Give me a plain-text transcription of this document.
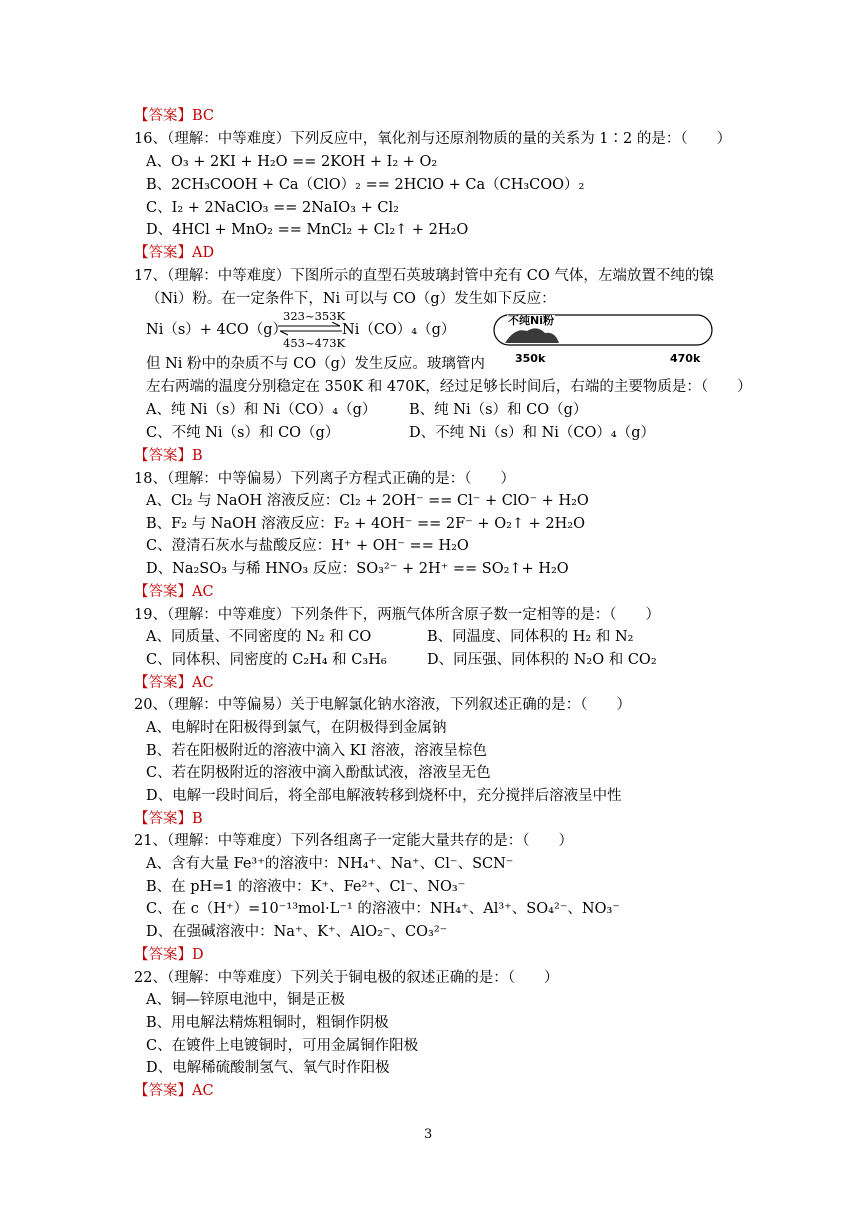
【答案】BC
16、（理解：中等难度）下列反应中，氧化剂与还原剂物质的量的关系为 1∶2 的是：（　　）
A、O₃ + 2KI + H₂O == 2KOH + I₂ + O₂
B、2CH₃COOH + Ca（ClO）₂ == 2HClO + Ca（CH₃COO）₂
C、I₂ + 2NaClO₃ == 2NaIO₃ + Cl₂
D、4HCl + MnO₂ == MnCl₂ + Cl₂↑ + 2H₂O
【答案】AD
17、（理解：中等难度）下图所示的直型石英玻璃封管中充有 CO 气体，左端放置不纯的镍
（Ni）粉。在一定条件下，Ni 可以与 CO（g）发生如下反应：
Ni（s）+ 4CO（g）
323~353K
453~473K
Ni（CO）₄（g）
不纯Ni粉
350k	470k
但 Ni 粉中的杂质不与 CO（g）发生反应。玻璃管内
左右两端的温度分别稳定在 350K 和 470K，经过足够长时间后，右端的主要物质是：（　　）
A、纯 Ni（s）和 Ni（CO）₄（g） B、纯 Ni（s）和 CO（g）
C、不纯 Ni（s）和 CO（g）	D、不纯 Ni（s）和 Ni（CO）₄（g）
【答案】B
18、（理解：中等偏易）下列离子方程式正确的是：（　　）
A、Cl₂ 与 NaOH 溶液反应：Cl₂ + 2OH⁻ == Cl⁻ + ClO⁻ + H₂O
B、F₂ 与 NaOH 溶液反应：F₂ + 4OH⁻ == 2F⁻ + O₂↑ + 2H₂O
C、澄清石灰水与盐酸反应：H⁺ + OH⁻ == H₂O
D、Na₂SO₃ 与稀 HNO₃ 反应：SO₃²⁻ + 2H⁺ == SO₂↑+ H₂O
【答案】AC
19、（理解：中等难度）下列条件下，两瓶气体所含原子数一定相等的是：（　　）
A、同质量、不同密度的 N₂ 和 CO	B、同温度、同体积的 H₂ 和 N₂
C、同体积、同密度的 C₂H₄ 和 C₃H₆	D、同压强、同体积的 N₂O 和 CO₂
【答案】AC
20、（理解：中等偏易）关于电解氯化钠水溶液，下列叙述正确的是：（　　）
A、电解时在阳极得到氯气，在阴极得到金属钠
B、若在阳极附近的溶液中滴入 KI 溶液，溶液呈棕色
C、若在阴极附近的溶液中滴入酚酞试液，溶液呈无色
D、电解一段时间后，将全部电解液转移到烧杯中，充分搅拌后溶液呈中性
【答案】B
21、（理解：中等难度）下列各组离子一定能大量共存的是：（　　）
A、含有大量 Fe³⁺的溶液中：NH₄⁺、Na⁺、Cl⁻、SCN⁻
B、在 pH=1 的溶液中：K⁺、Fe²⁺、Cl⁻、NO₃⁻
C、在 c（H⁺）=10⁻¹³mol·L⁻¹ 的溶液中：NH₄⁺、Al³⁺、SO₄²⁻、NO₃⁻
D、在强碱溶液中：Na⁺、K⁺、AlO₂⁻、CO₃²⁻
【答案】D
22、（理解：中等难度）下列关于铜电极的叙述正确的是：（　　）
A、铜—锌原电池中，铜是正极
B、用电解法精炼粗铜时，粗铜作阴极
C、在镀件上电镀铜时，可用金属铜作阳极
D、电解稀硫酸制氢气、氧气时作阳极
【答案】AC
3
